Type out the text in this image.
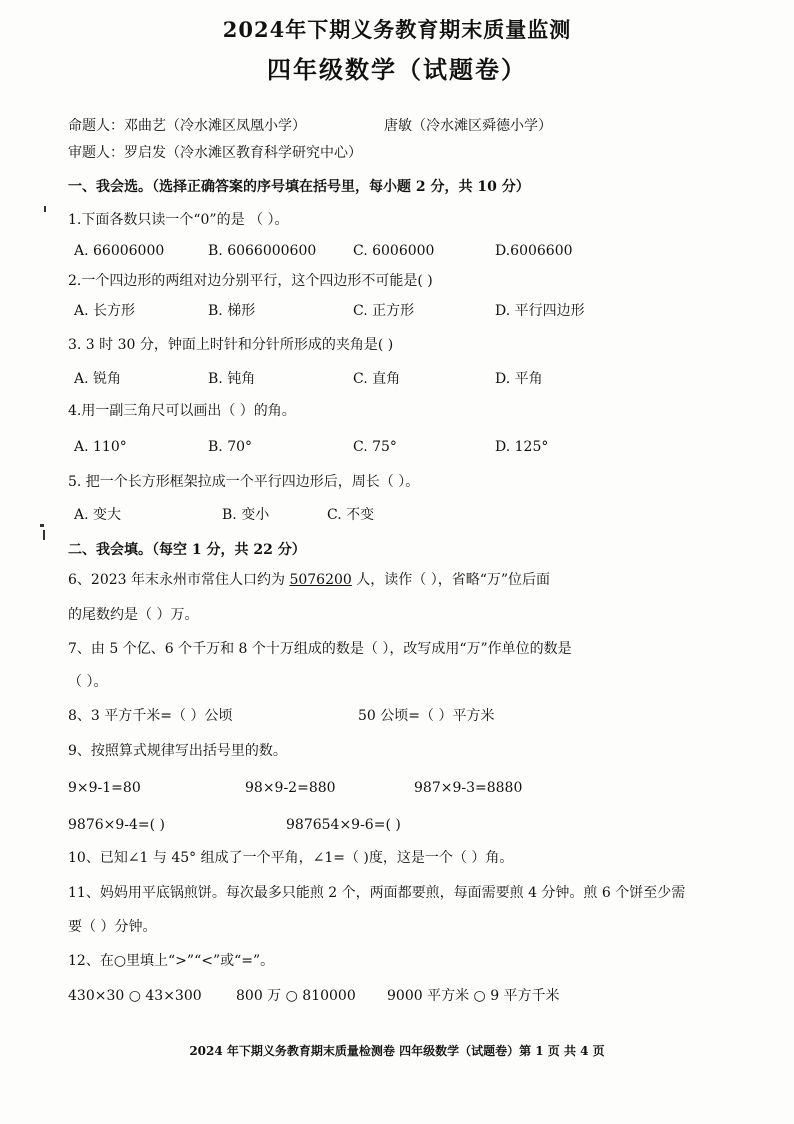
2024年下期义务教育期末质量监测
四年级数学（试题卷）
命题人：邓曲艺（冷水滩区凤凰小学）	唐敏（冷水滩区舜德小学）
审题人：罗启发（冷水滩区教育科学研究中心）
一、我会选。（选择正确答案的序号填在括号里，每小题 2 分，共 10 分）
1.下面各数只读一个“0”的是 （ ）。
A. 66006000	B. 6066000600	C. 6006000	D.6006600
2.一个四边形的两组对边分别平行，这个四边形不可能是( )
A. 长方形	B. 梯形	C. 正方形	D. 平行四边形
3. 3 时 30 分，钟面上时针和分针所形成的夹角是( )
A. 锐角	B. 钝角	C. 直角	D. 平角
4.用一副三角尺可以画出（ ）的角。
A. 110°	B. 70°	C. 75°	D. 125°
5. 把一个长方形框架拉成一个平行四边形后，周长（ ）。
A. 变大	B. 变小	C. 不变
二、我会填。（每空 1 分，共 22 分）
6、2023 年末永州市常住人口约为 5076200 人，读作（ ），省略“万”位后面
的尾数约是（ ）万。
7、由 5 个亿、6 个千万和 8 个十万组成的数是（ ），改写成用“万”作单位的数是
（ ）。
8、3 平方千米=（ ）公顷	50 公顷=（ ）平方米
9、按照算式规律写出括号里的数。
9×9-1=80	98×9-2=880	987×9-3=8880
9876×9-4=( )	987654×9-6=( )
10、已知∠1 与 45° 组成了一个平角，∠1=（ )度，这是一个（ ）角。
11、妈妈用平底锅煎饼。每次最多只能煎 2 个，两面都要煎，每面需要煎 4 分钟。煎 6 个饼至少需
要（ ）分钟。
12、在○里填上“>”“<”或“=”。
430×30 ○ 43×300 800 万 ○ 810000 9000 平方米 ○ 9 平方千米
2024 年下期义务教育期末质量检测卷 四年级数学（试题卷）第 1 页 共 4 页
